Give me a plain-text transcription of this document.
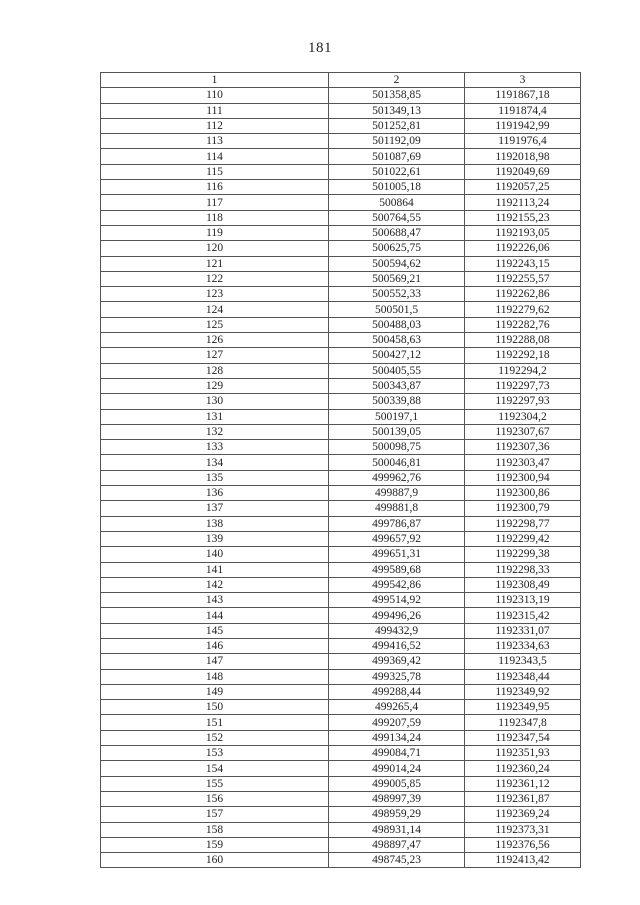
181
1	2	3
110	501358,85	1191867,18
111	501349,13	1191874,4
112	501252,81	1191942,99
113	501192,09	1191976,4
114	501087,69	1192018,98
115	501022,61	1192049,69
116	501005,18	1192057,25
117	500864	1192113,24
118	500764,55	1192155,23
119	500688,47	1192193,05
120	500625,75	1192226,06
121	500594,62	1192243,15
122	500569,21	1192255,57
123	500552,33	1192262,86
124	500501,5	1192279,62
125	500488,03	1192282,76
126	500458,63	1192288,08
127	500427,12	1192292,18
128	500405,55	1192294,2
129	500343,87	1192297,73
130	500339,88	1192297,93
131	500197,1	1192304,2
132	500139,05	1192307,67
133	500098,75	1192307,36
134	500046,81	1192303,47
135	499962,76	1192300,94
136	499887,9	1192300,86
137	499881,8	1192300,79
138	499786,87	1192298,77
139	499657,92	1192299,42
140	499651,31	1192299,38
141	499589,68	1192298,33
142	499542,86	1192308,49
143	499514,92	1192313,19
144	499496,26	1192315,42
145	499432,9	1192331,07
146	499416,52	1192334,63
147	499369,42	1192343,5
148	499325,78	1192348,44
149	499288,44	1192349,92
150	499265,4	1192349,95
151	499207,59	1192347,8
152	499134,24	1192347,54
153	499084,71	1192351,93
154	499014,24	1192360,24
155	499005,85	1192361,12
156	498997,39	1192361,87
157	498959,29	1192369,24
158	498931,14	1192373,31
159	498897,47	1192376,56
160	498745,23	1192413,42
